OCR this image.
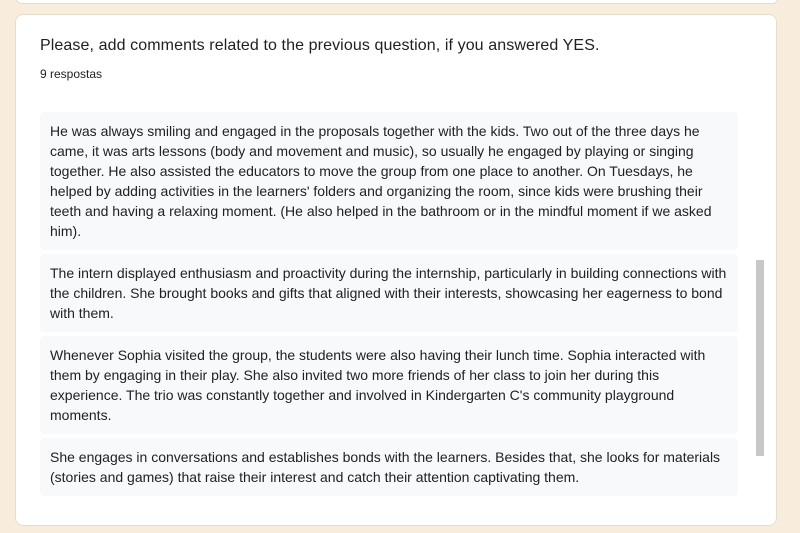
Please, add comments related to the previous question, if you answered YES.
9 respostas
He was always smiling and engaged in the proposals together with the kids. Two out of the three days he came, it was arts lessons (body and movement and music), so usually he engaged by playing or singing together. He also assisted the educators to move the group from one place to another. On Tuesdays, he helped by adding activities in the learners' folders and organizing the room, since kids were brushing their teeth and having a relaxing moment. (He also helped in the bathroom or in the mindful moment if we asked him).
The intern displayed enthusiasm and proactivity during the internship, particularly in building connections with the children. She brought books and gifts that aligned with their interests, showcasing her eagerness to bond with them.
Whenever Sophia visited the group, the students were also having their lunch time. Sophia interacted with them by engaging in their play. She also invited two more friends of her class to join her during this experience. The trio was constantly together and involved in Kindergarten C's community playground moments.
She engages in conversations and establishes bonds with the learners. Besides that, she looks for materials (stories and games) that raise their interest and catch their attention captivating them.
